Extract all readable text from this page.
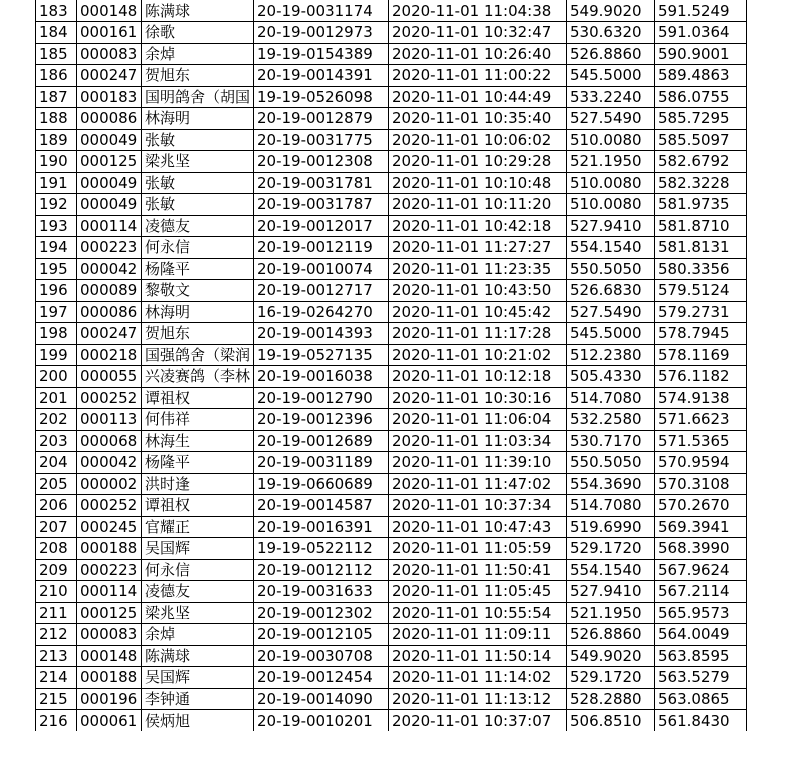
183	000148	陈满球	20-19-0031174	2020-11-01 11:04:38	549.9020	591.5249
184	000161	徐歌	20-19-0012973	2020-11-01 10:32:47	530.6320	591.0364
185	000083	余焯	19-19-0154389	2020-11-01 10:26:40	526.8860	590.9001
186	000247	贺旭东	20-19-0014391	2020-11-01 11:00:22	545.5000	589.4863
187	000183	国明鸽舍（胡国	19-19-0526098	2020-11-01 10:44:49	533.2240	586.0755
188	000086	林海明	20-19-0012879	2020-11-01 10:35:40	527.5490	585.7295
189	000049	张敏	20-19-0031775	2020-11-01 10:06:02	510.0080	585.5097
190	000125	梁兆坚	20-19-0012308	2020-11-01 10:29:28	521.1950	582.6792
191	000049	张敏	20-19-0031781	2020-11-01 10:10:48	510.0080	582.3228
192	000049	张敏	20-19-0031787	2020-11-01 10:11:20	510.0080	581.9735
193	000114	凌德友	20-19-0012017	2020-11-01 10:42:18	527.9410	581.8710
194	000223	何永信	20-19-0012119	2020-11-01 11:27:27	554.1540	581.8131
195	000042	杨隆平	20-19-0010074	2020-11-01 11:23:35	550.5050	580.3356
196	000089	黎敬文	20-19-0012717	2020-11-01 10:43:50	526.6830	579.5124
197	000086	林海明	16-19-0264270	2020-11-01 10:45:42	527.5490	579.2731
198	000247	贺旭东	20-19-0014393	2020-11-01 11:17:28	545.5000	578.7945
199	000218	国强鸽舍（梁润	19-19-0527135	2020-11-01 10:21:02	512.2380	578.1169
200	000055	兴凌赛鸽（李林	20-19-0016038	2020-11-01 10:12:18	505.4330	576.1182
201	000252	谭祖权	20-19-0012790	2020-11-01 10:30:16	514.7080	574.9138
202	000113	何伟祥	20-19-0012396	2020-11-01 11:06:04	532.2580	571.6623
203	000068	林海生	20-19-0012689	2020-11-01 11:03:34	530.7170	571.5365
204	000042	杨隆平	20-19-0031189	2020-11-01 11:39:10	550.5050	570.9594
205	000002	洪时逢	19-19-0660689	2020-11-01 11:47:02	554.3690	570.3108
206	000252	谭祖权	20-19-0014587	2020-11-01 10:37:34	514.7080	570.2670
207	000245	官耀正	20-19-0016391	2020-11-01 10:47:43	519.6990	569.3941
208	000188	吴国辉	19-19-0522112	2020-11-01 11:05:59	529.1720	568.3990
209	000223	何永信	20-19-0012112	2020-11-01 11:50:41	554.1540	567.9624
210	000114	凌德友	20-19-0031633	2020-11-01 11:05:45	527.9410	567.2114
211	000125	梁兆坚	20-19-0012302	2020-11-01 10:55:54	521.1950	565.9573
212	000083	余焯	20-19-0012105	2020-11-01 11:09:11	526.8860	564.0049
213	000148	陈满球	20-19-0030708	2020-11-01 11:50:14	549.9020	563.8595
214	000188	吴国辉	20-19-0012454	2020-11-01 11:14:02	529.1720	563.5279
215	000196	李钟通	20-19-0014090	2020-11-01 11:13:12	528.2880	563.0865
216	000061	侯炳旭	20-19-0010201	2020-11-01 10:37:07	506.8510	561.8430
